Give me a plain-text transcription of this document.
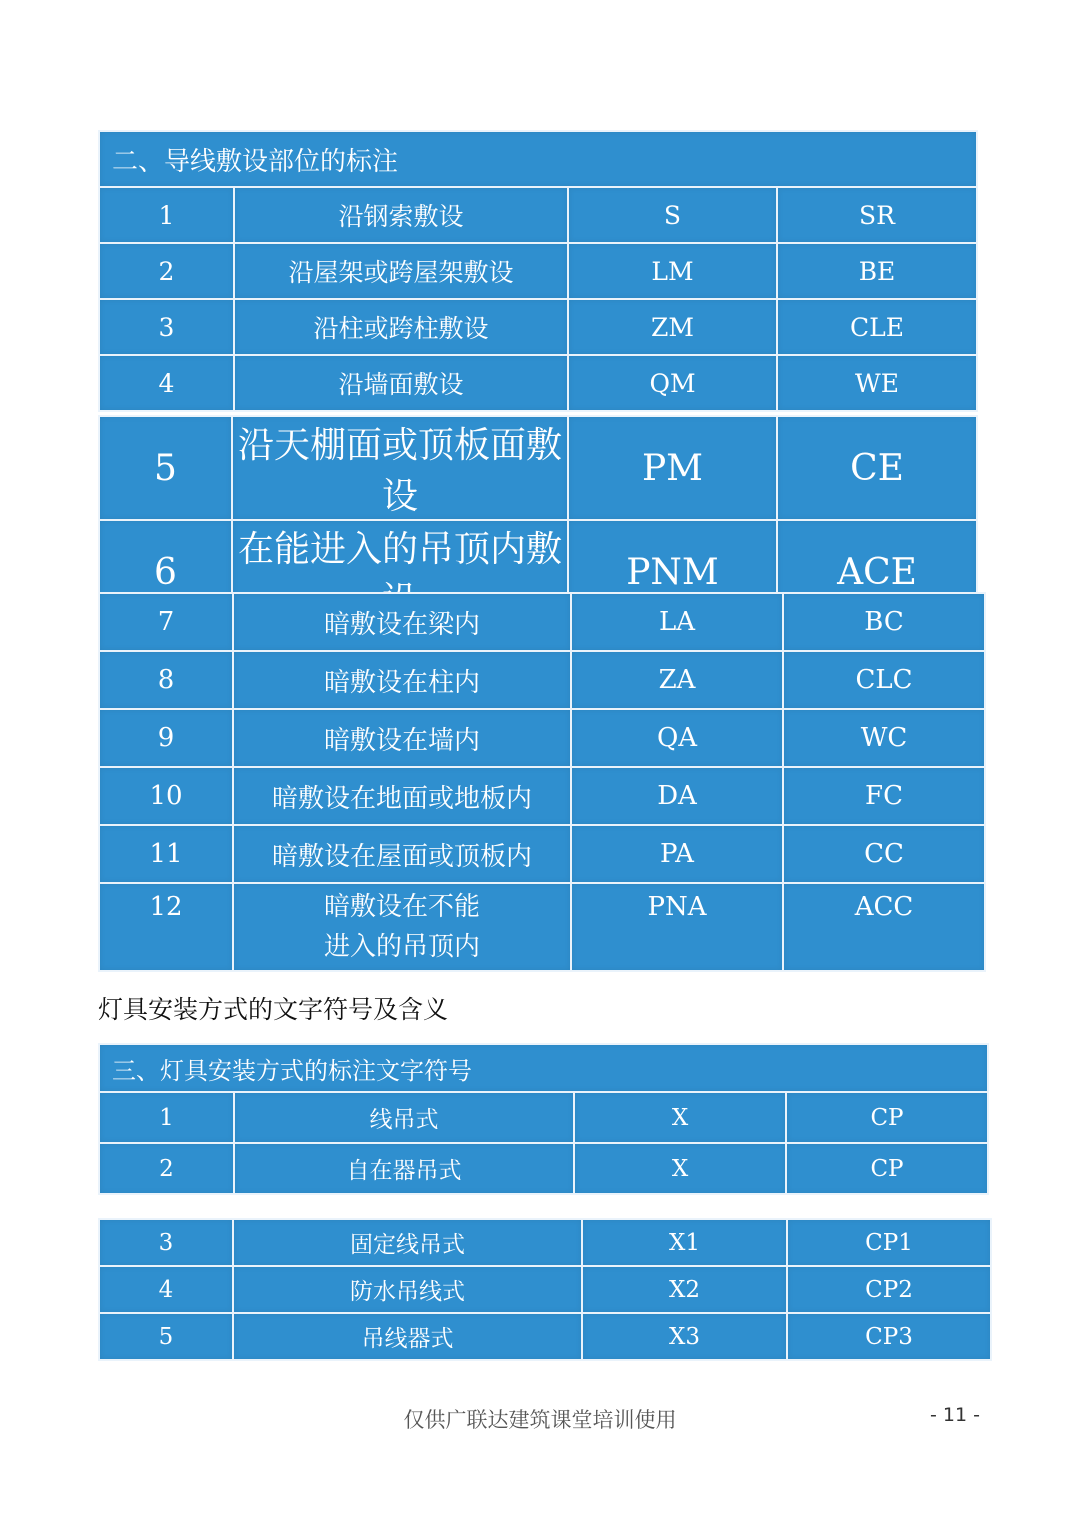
二、导线敷设部位的标注			
1	沿钢索敷设	S	SR
2	沿屋架或跨屋架敷设	LM	BE
3	沿柱或跨柱敷设	ZM	CLE
4	沿墙面敷设	QM	WE
5	沿天棚面或顶板面敷设	PM	CE
6	在能进入的吊顶内敷	PNM	ACE
7	暗敷设在梁内	LA	BC
8	暗敷设在柱内	ZA	CLC
9	暗敷设在墙内	QA	WC
10	暗敷设在地面或地板内	DA	FC
11	暗敷设在屋面或顶板内	PA	CC
12	暗敷设在不能
进入的吊顶内	PNA	ACC
灯具安装方式的文字符号及含义
三、灯具安装方式的标注文字符号			
1	线吊式	X	CP
2	自在器吊式	X	CP
3	固定线吊式	X1	CP1
4	防水吊线式	X2	CP2
5	吊线器式	X3	CP3
仅供广联达建筑课堂培训使用	- 11 -
